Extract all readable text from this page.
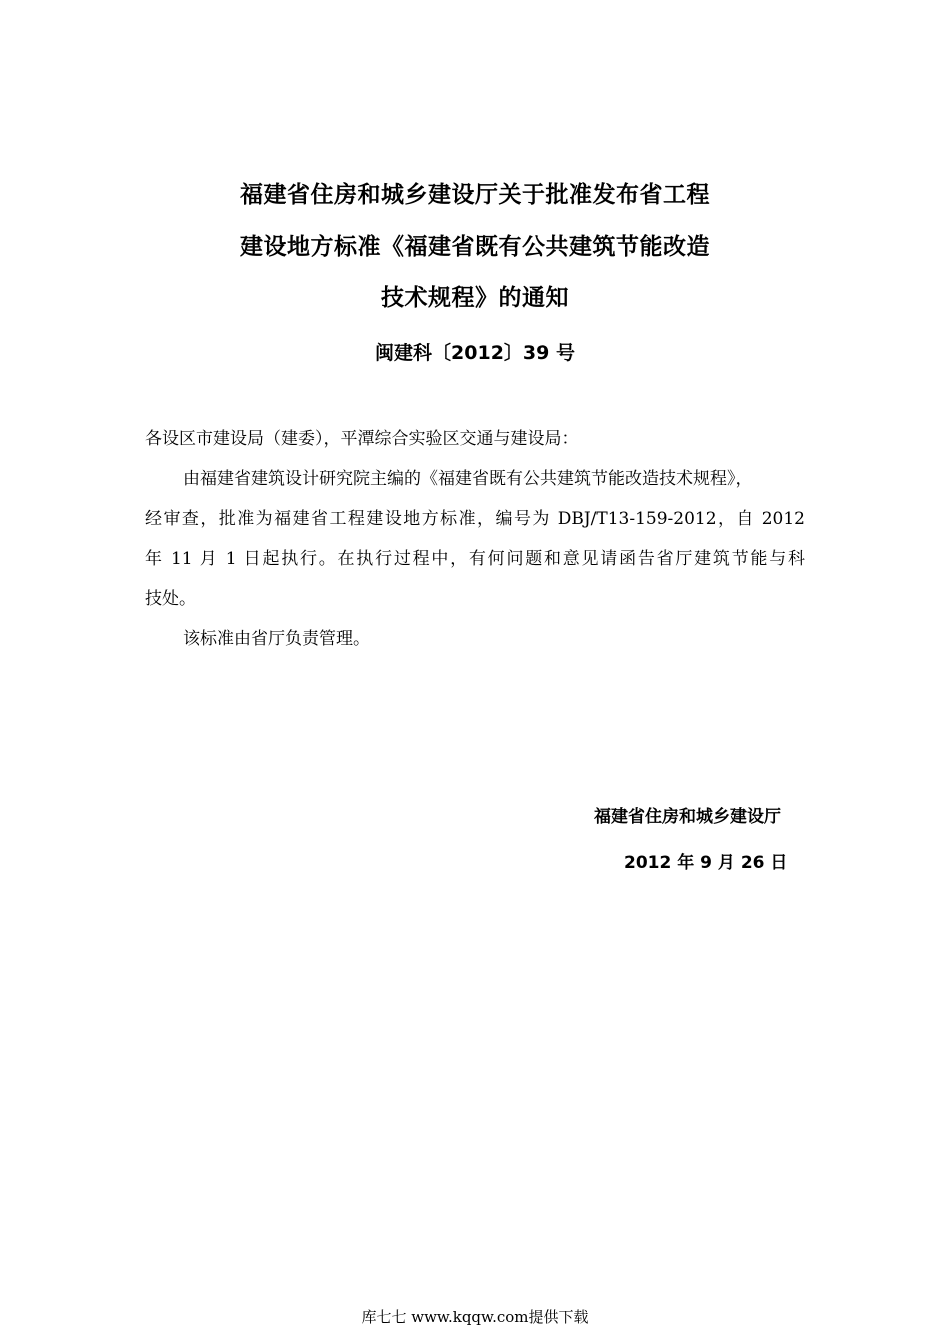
福建省住房和城乡建设厅关于批准发布省工程
建设地方标准《福建省既有公共建筑节能改造
技术规程》的通知
闽建科〔2012〕39 号
各设区市建设局（建委），平潭综合实验区交通与建设局：
由福建省建筑设计研究院主编的《福建省既有公共建筑节能改造技术规程》，
经审查，批准为福建省工程建设地方标准，编号为 DBJ/T13-159-2012，自 2012
年 11 月 1 日起执行。在执行过程中，有何问题和意见请函告省厅建筑节能与科
技处。
该标准由省厅负责管理。
福建省住房和城乡建设厅
2012 年 9 月 26 日
库七七 www.kqqw.com提供下载
